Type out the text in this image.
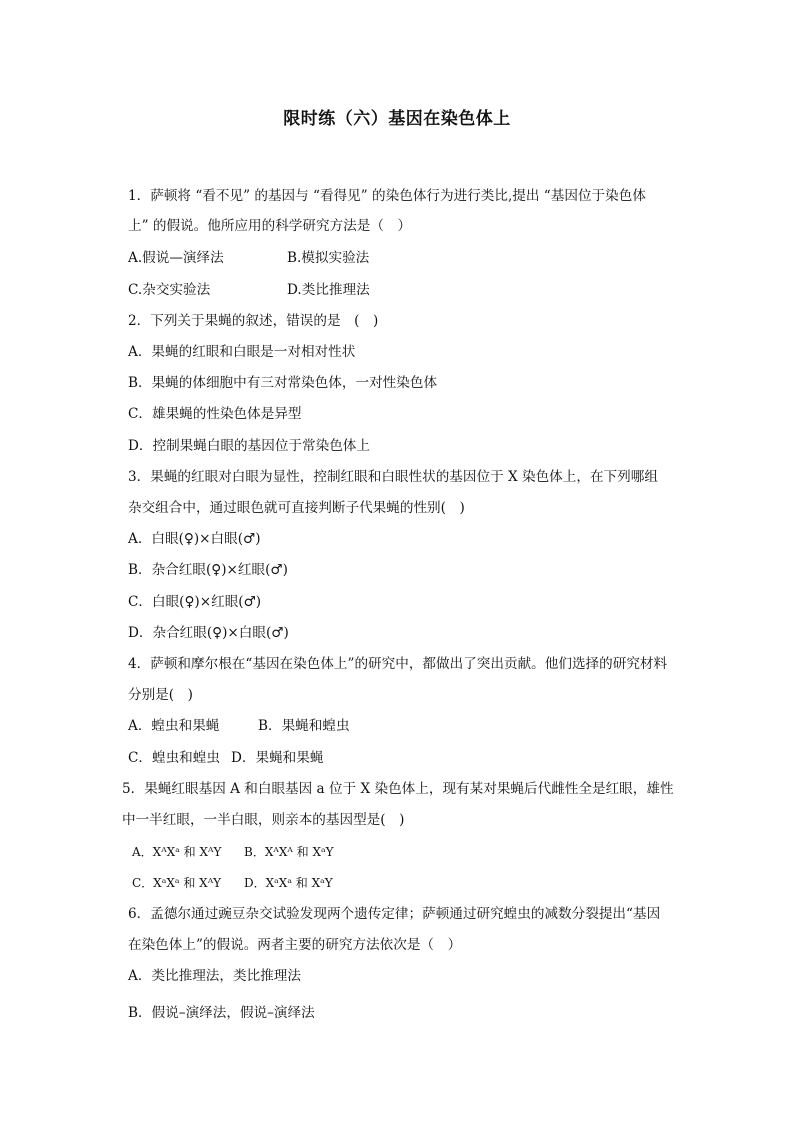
限时练（六）基因在染色体上
1．萨顿将 “看不见” 的基因与 “看得见” 的染色体行为进行类比,提出 “基因位于染色体
上” 的假说。他所应用的科学研究方法是（　）
A.假说—演绎法	B.模拟实验法
C.杂交实验法	D.类比推理法
2．下列关于果蝇的叙述，错误的是　(　)
A．果蝇的红眼和白眼是一对相对性状
B．果蝇的体细胞中有三对常染色体，一对性染色体
C．雄果蝇的性染色体是异型
D．控制果蝇白眼的基因位于常染色体上
3．果蝇的红眼对白眼为显性，控制红眼和白眼性状的基因位于 X 染色体上，在下列哪组
杂交组合中，通过眼色就可直接判断子代果蝇的性别(　)
A．白眼(♀)×白眼(♂)
B．杂合红眼(♀)×红眼(♂)
C．白眼(♀)×红眼(♂)
D．杂合红眼(♀)×白眼(♂)
4．萨顿和摩尔根在“基因在染色体上”的研究中，都做出了突出贡献。他们选择的研究材料
分别是(　)
A．蝗虫和果蝇	B．果蝇和蝗虫
C．蝗虫和蝗虫 D．果蝇和果蝇
5．果蝇红眼基因 A 和白眼基因 a 位于 X 染色体上，现有某对果蝇后代雌性全是红眼，雄性
中一半红眼，一半白眼，则亲本的基因型是(　)
A．XᴬXᵃ 和 XᴬY B．XᴬXᴬ 和 XᵃY
C．XᵃXᵃ 和 XᴬY D．XᵃXᵃ 和 XᵃY
6．孟德尔通过豌豆杂交试验发现两个遗传定律；萨顿通过研究蝗虫的减数分裂提出“基因
在染色体上”的假说。两者主要的研究方法依次是（　）
A．类比推理法，类比推理法
B．假说–演绎法，假说–演绎法
